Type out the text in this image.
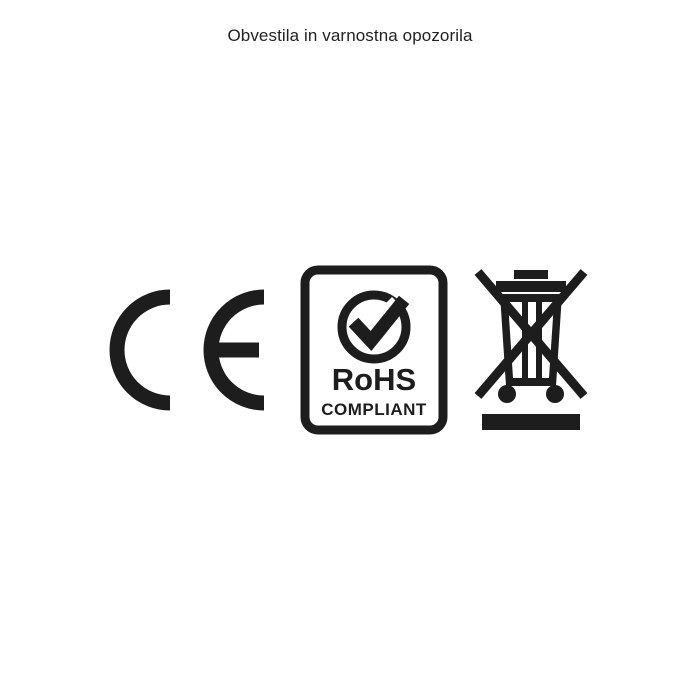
Obvestila in varnostna opozorila
RoHS
COMPLIANT
